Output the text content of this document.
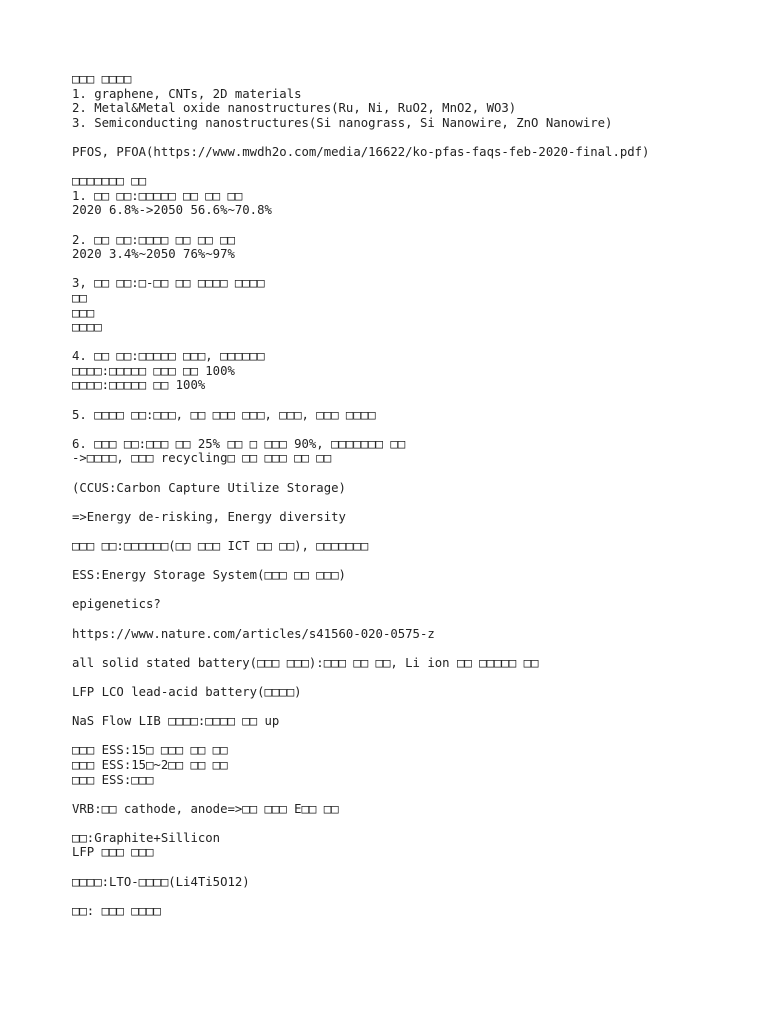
□□□ □□□□
1. graphene, CNTs, 2D materials
2. Metal&Metal oxide nanostructures(Ru, Ni, RuO2, MnO2, WO3)
3. Semiconducting nanostructures(Si nanograss, Si Nanowire, ZnO Nanowire)
PFOS, PFOA(https://www.mwdh2o.com/media/16622/ko-pfas-faqs-feb-2020-final.pdf)
□□□□□□□ □□
1. □□ □□:□□□□□ □□ □□ □□
2020 6.8%->2050 56.6%~70.8%
2. □□ □□:□□□□ □□ □□ □□
2020 3.4%~2050 76%~97%
3, □□ □□:□-□□ □□ □□□□ □□□□
□□
□□□
□□□□
4. □□ □□:□□□□□ □□□, □□□□□□
□□□□:□□□□□ □□□ □□ 100%
□□□□:□□□□□ □□ 100%
5. □□□□ □□:□□□, □□ □□□ □□□, □□□, □□□ □□□□
6. □□□ □□:□□□ □□ 25% □□ □ □□□ 90%, □□□□□□□ □□
->□□□□, □□□ recycling□ □□ □□□ □□ □□
(CCUS:Carbon Capture Utilize Storage)
=>Energy de-risking, Energy diversity
□□□ □□:□□□□□□(□□ □□□ ICT □□ □□), □□□□□□□
ESS:Energy Storage System(□□□ □□ □□□)
epigenetics?
https://www.nature.com/articles/s41560-020-0575-z
all solid stated battery(□□□ □□□):□□□ □□ □□, Li ion □□ □□□□□ □□
LFP LCO lead-acid battery(□□□□)
NaS Flow LIB □□□□:□□□□ □□ up
□□□ ESS:15□ □□□ □□ □□
□□□ ESS:15□~2□□ □□ □□
□□□ ESS:□□□
VRB:□□ cathode, anode=>□□ □□□ E□□ □□
□□:Graphite+Sillicon
LFP □□□ □□□
□□□□:LTO-□□□□(Li4Ti5O12)
□□: □□□ □□□□
